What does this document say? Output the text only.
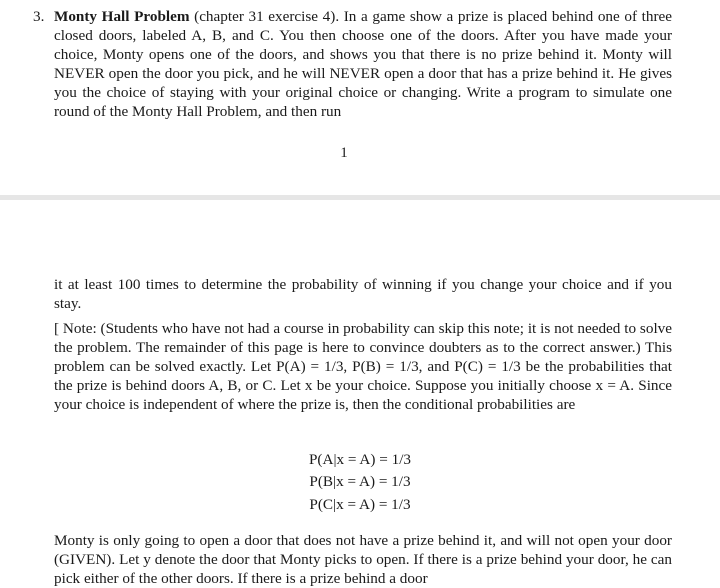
3. Monty Hall Problem (chapter 31 exercise 4). In a game show a prize is placed behind one of three closed doors, labeled A, B, and C. You then choose one of the doors. After you have made your choice, Monty opens one of the doors, and shows you that there is no prize behind it. Monty will NEVER open the door you pick, and he will NEVER open a door that has a prize behind it. He gives you the choice of staying with your original choice or changing. Write a program to simulate one round of the Monty Hall Problem, and then run
1
it at least 100 times to determine the probability of winning if you change your choice and if you stay.
[ Note: (Students who have not had a course in probability can skip this note; it is not needed to solve the problem. The remainder of this page is here to convince doubters as to the correct answer.) This problem can be solved exactly. Let P(A) = 1/3, P(B) = 1/3, and P(C) = 1/3 be the probabilities that the prize is behind doors A, B, or C. Let x be your choice. Suppose you initially choose x = A. Since your choice is independent of where the prize is, then the conditional probabilities are
P(A|x = A) = 1/3
P(B|x = A) = 1/3
P(C|x = A) = 1/3
Monty is only going to open a door that does not have a prize behind it, and will not open your door (GIVEN). Let y denote the door that Monty picks to open. If there is a prize behind your door, he can pick either of the other doors. If there is a prize behind a door
